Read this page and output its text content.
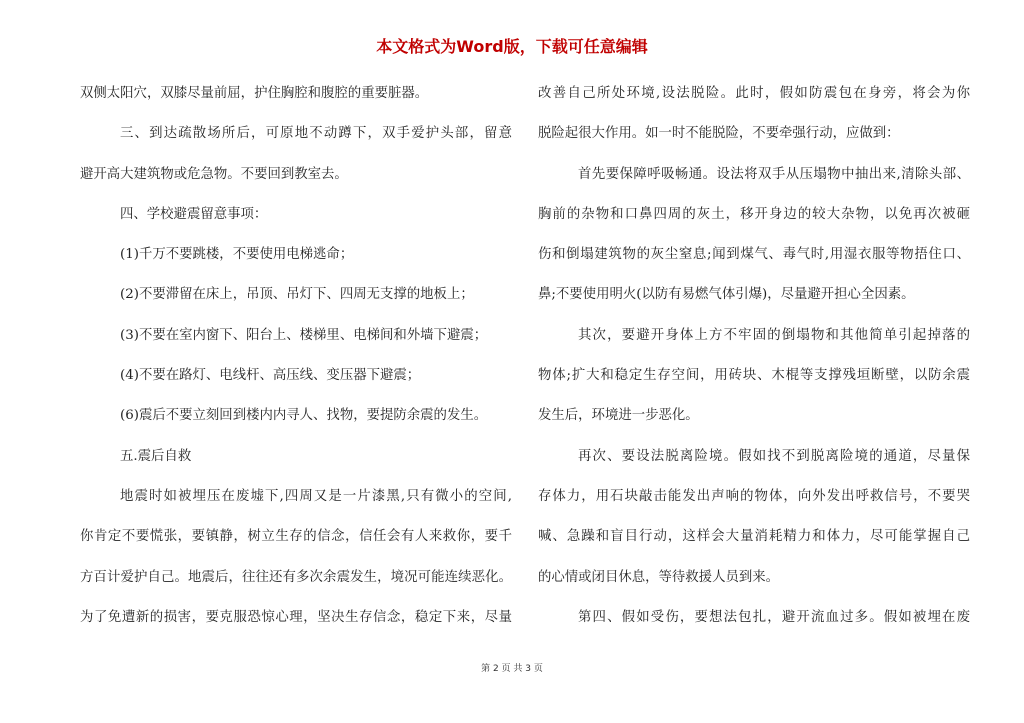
本文格式为Word版，下载可任意编辑
双侧太阳穴，双膝尽量前屈，护住胸腔和腹腔的重要脏器。
三、到达疏散场所后，可原地不动蹲下，双手爱护头部，留意
避开高大建筑物或危急物。不要回到教室去。
四、学校避震留意事项：
(1)千万不要跳楼，不要使用电梯逃命；
(2)不要滞留在床上，吊顶、吊灯下、四周无支撑的地板上；
(3)不要在室内窗下、阳台上、楼梯里、电梯间和外墙下避震；
(4)不要在路灯、电线杆、高压线、变压器下避震；
(6)震后不要立刻回到楼内内寻人、找物，要提防余震的发生。
五.震后自救
地震时如被埋压在废墟下,四周又是一片漆黑,只有微小的空间,
你肯定不要慌张，要镇静，树立生存的信念，信任会有人来救你，要千
方百计爱护自己。地震后，往往还有多次余震发生，境况可能连续恶化。
为了免遭新的损害，要克服恐惊心理，坚决生存信念，稳定下来，尽量
改善自己所处环境,设法脱险。此时，假如防震包在身旁，将会为你
脱险起很大作用。如一时不能脱险，不要牵强行动，应做到：
首先要保障呼吸畅通。设法将双手从压塌物中抽出来,清除头部、
胸前的杂物和口鼻四周的灰土，移开身边的较大杂物，以免再次被砸
伤和倒塌建筑物的灰尘窒息;闻到煤气、毒气时,用湿衣服等物捂住口、
鼻;不要使用明火(以防有易燃气体引爆)，尽量避开担心全因素。
其次，要避开身体上方不牢固的倒塌物和其他简单引起掉落的
物体;扩大和稳定生存空间，用砖块、木棍等支撑残垣断壁，以防余震
发生后，环境进一步恶化。
再次、要设法脱离险境。假如找不到脱离险境的通道，尽量保
存体力，用石块敲击能发出声响的物体，向外发出呼救信号，不要哭
喊、急躁和盲目行动，这样会大量消耗精力和体力，尽可能掌握自己
的心情或闭目休息，等待救援人员到来。
第四、假如受伤，要想法包扎，避开流血过多。假如被埋在废
第 2 页 共 3 页
